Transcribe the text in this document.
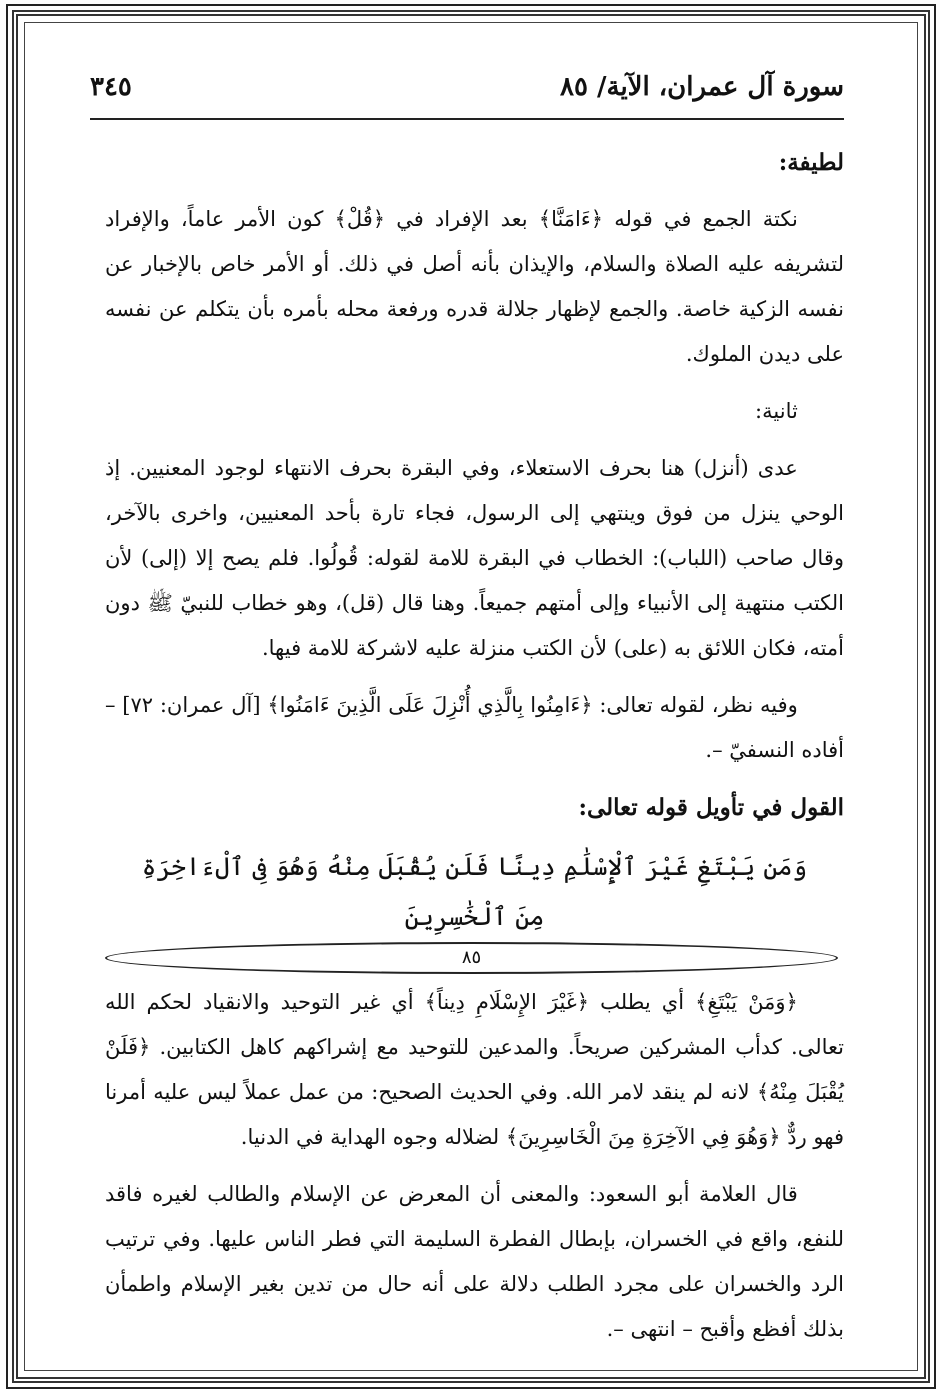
سورة آل عمران، الآية/ ٨٥
٣٤٥

لطيفة:

نكتة الجمع في قوله ﴿ءَامَنَّا﴾ بعد الإفراد في ﴿قُلْ﴾ كون الأمر عاماً، والإفراد لتشريفه عليه الصلاة والسلام، والإيذان بأنه أصل في ذلك. أو الأمر خاص بالإخبار عن نفسه الزكية خاصة. والجمع لإظهار جلالة قدره ورفعة محله بأمره بأن يتكلم عن نفسه على ديدن الملوك.

ثانية:

عدى (أنزل) هنا بحرف الاستعلاء، وفي البقرة بحرف الانتهاء لوجود المعنيين. إذ الوحي ينزل من فوق وينتهي إلى الرسول، فجاء تارة بأحد المعنيين، واخرى بالآخر، وقال صاحب (اللباب): الخطاب في البقرة للامة لقوله: قُولُوا. فلم يصح إلا (إلى) لأن الكتب منتهية إلى الأنبياء وإلى أمتهم جميعاً. وهنا قال (قل)، وهو خطاب للنبيّ ﷺ دون أمته، فكان اللائق به (على) لأن الكتب منزلة عليه لاشركة للامة فيها.

وفيه نظر، لقوله تعالى: ﴿ءَامِنُوا بِالَّذِي أُنْزِلَ عَلَى الَّذِينَ ءَامَنُوا﴾ [آل عمران: ٧٢] – أفاده النسفيّ –.

القول في تأويل قوله تعالى:

وَمَن يَبْتَغِ غَيْرَ ٱلْإِسْلَٰمِ دِينًا فَلَن يُقْبَلَ مِنْهُ وَهُوَ فِى ٱلْءَاخِرَةِ
مِنَ ٱلْخَٰسِرِينَ
٨٥

﴿وَمَنْ يَبْتَغِ﴾ أي يطلب ﴿غَيْرَ الإِسْلَامِ دِيناً﴾ أي غير التوحيد والانقياد لحكم الله تعالى. كدأب المشركين صريحاً. والمدعين للتوحيد مع إشراكهم كاهل الكتابين. ﴿فَلَنْ يُقْبَلَ مِنْهُ﴾ لانه لم ينقد لامر الله. وفي الحديث الصحيح: من عمل عملاً ليس عليه أمرنا فهو ردٌّ ﴿وَهُوَ فِي الآخِرَةِ مِنَ الْخَاسِرِينَ﴾ لضلاله وجوه الهداية في الدنيا.

قال العلامة أبو السعود: والمعنى أن المعرض عن الإسلام والطالب لغيره فاقد للنفع، واقع في الخسران، بإبطال الفطرة السليمة التي فطر الناس عليها. وفي ترتيب الرد والخسران على مجرد الطلب دلالة على أنه حال من تدين بغير الإسلام واطمأن بذلك أفظع وأقبح – انتهى –.
